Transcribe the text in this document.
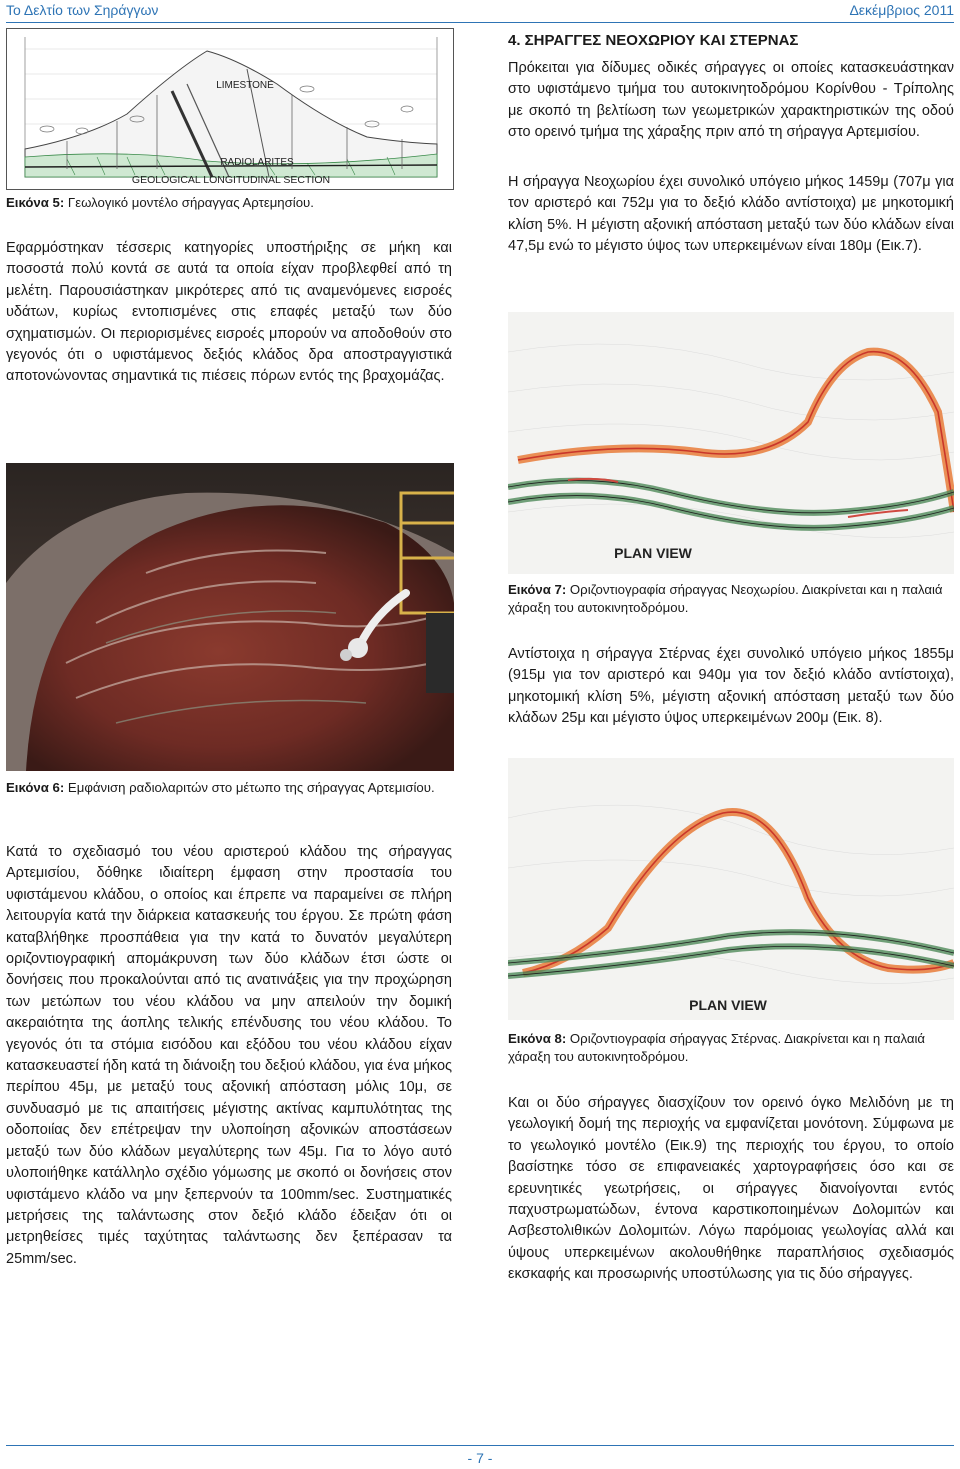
Το Δελτίο των Σηράγγων	Δεκέμβριος 2011
LIMESTONE
RADIOLARITES
GEOLOGICAL LONGITUDINAL SECTION
Εικόνα 5: Γεωλογικό μοντέλο σήραγγας Αρτεμησίου.
Εφαρμόστηκαν τέσσερις κατηγορίες υποστήριξης σε μήκη και ποσοστά πολύ κοντά σε αυτά τα οποία είχαν προβλεφθεί από τη μελέτη. Παρουσιάστηκαν μικρότερες από τις αναμενόμενες εισροές υδάτων, κυρίως εντοπισμένες στις επαφές μεταξύ των δύο σχηματισμών. Οι περιορισμένες εισροές μπορούν να αποδοθούν στο γεγονός ότι ο υφιστάμενος δεξιός κλάδος δρα αποστραγγιστικά αποτονώνοντας σημαντικά τις πιέσεις πόρων εντός της βραχομάζας.
Εικόνα 6: Εμφάνιση ραδιολαριτών στο μέτωπο της σήραγγας Αρτεμισίου.
Κατά το σχεδιασμό του νέου αριστερού κλάδου της σήραγγας Αρτεμισίου, δόθηκε ιδιαίτερη έμφαση στην προστασία του υφιστάμενου κλάδου, ο οποίος και έπρεπε να παραμείνει σε πλήρη λειτουργία κατά την διάρκεια κατασκευής του έργου. Σε πρώτη φάση καταβλήθηκε προσπάθεια για την κατά το δυνατόν μεγαλύτερη οριζοντιογραφική απομάκρυνση των δύο κλάδων έτσι ώστε οι δονήσεις που προκαλούνται από τις ανατινάξεις για την προχώρηση των μετώπων του νέου κλάδου να μην απειλούν την δομική ακεραιότητα της άοπλης τελικής επένδυσης του νέου κλάδου. Το γεγονός ότι τα στόμια εισόδου και εξόδου του νέου κλάδου είχαν κατασκευαστεί ήδη κατά τη διάνοιξη του δεξιού κλάδου, για ένα μήκος περίπου 45μ, με μεταξύ τους αξονική απόσταση μόλις 10μ, σε συνδυασμό με τις απαιτήσεις μέγιστης ακτίνας καμπυλότητας της οδοποιίας δεν επέτρεψαν την υλοποίηση αξονικών αποστάσεων μεταξύ των δύο κλάδων μεγαλύτερης των 45μ. Για το λόγο αυτό υλοποιήθηκε κατάλληλο σχέδιο γόμωσης με σκοπό οι δονήσεις στον υφιστάμενο κλάδο να μην ξεπερνούν τα 100mm/sec. Συστηματικές μετρήσεις της ταλάντωσης στον δεξιό κλάδο έδειξαν ότι οι μετρηθείσες τιμές ταχύτητας ταλάντωσης δεν ξεπέρασαν τα 25mm/sec.
4. ΣΗΡΑΓΓΕΣ ΝΕΟΧΩΡΙΟΥ ΚΑΙ ΣΤΕΡΝΑΣ
Πρόκειται για δίδυμες οδικές σήραγγες οι οποίες κατασκευάστηκαν στο υφιστάμενο τμήμα του αυτοκινητοδρόμου Κορίνθου - Τρίπολης με σκοπό τη βελτίωση των γεωμετρικών χαρακτηριστικών της οδού στο ορεινό τμήμα της χάραξης πριν από τη σήραγγα Αρτεμισίου.
Η σήραγγα Νεοχωρίου έχει συνολικό υπόγειο μήκος 1459μ (707μ για τον αριστερό και 752μ για το δεξιό κλάδο αντίστοιχα) με μηκοτομική κλίση 5%. Η μέγιστη αξονική απόσταση μεταξύ των δύο κλάδων είναι 47,5μ ενώ το μέγιστο ύψος των υπερκειμένων είναι 180μ (Εικ.7).
PLAN VIEW
Εικόνα 7: Οριζοντιογραφία σήραγγας Νεοχωρίου. Διακρίνεται και η παλαιά χάραξη του αυτοκινητοδρόμου.
Αντίστοιχα η σήραγγα Στέρνας έχει συνολικό υπόγειο μήκος 1855μ (915μ για τον αριστερό και 940μ για τον δεξιό κλάδο αντίστοιχα), μηκοτομική κλίση 5%, μέγιστη αξονική απόσταση μεταξύ των δύο κλάδων 25μ και μέγιστο ύψος υπερκειμένων 200μ (Εικ. 8).
PLAN VIEW
Εικόνα 8: Οριζοντιογραφία σήραγγας Στέρνας. Διακρίνεται και η παλαιά χάραξη του αυτοκινητοδρόμου.
Και οι δύο σήραγγες διασχίζουν τον ορεινό όγκο Μελιδόνη με τη γεωλογική δομή της περιοχής να εμφανίζεται μονότονη. Σύμφωνα με το γεωλογικό μοντέλο (Εικ.9) της περιοχής του έργου, το οποίο βασίστηκε τόσο σε επιφανειακές χαρτογραφήσεις όσο και σε ερευνητικές γεωτρήσεις, οι σήραγγες διανοίγονται εντός παχυστρωματώδων, έντονα καρστικοποιημένων Δολομιτών και Ασβεστολιθικών Δολομιτών. Λόγω παρόμοιας γεωλογίας αλλά και ύψους υπερκειμένων ακολουθήθηκε παραπλήσιος σχεδιασμός εκσκαφής και προσωρινής υποστύλωσης για τις δύο σήραγγες.
- 7 -
